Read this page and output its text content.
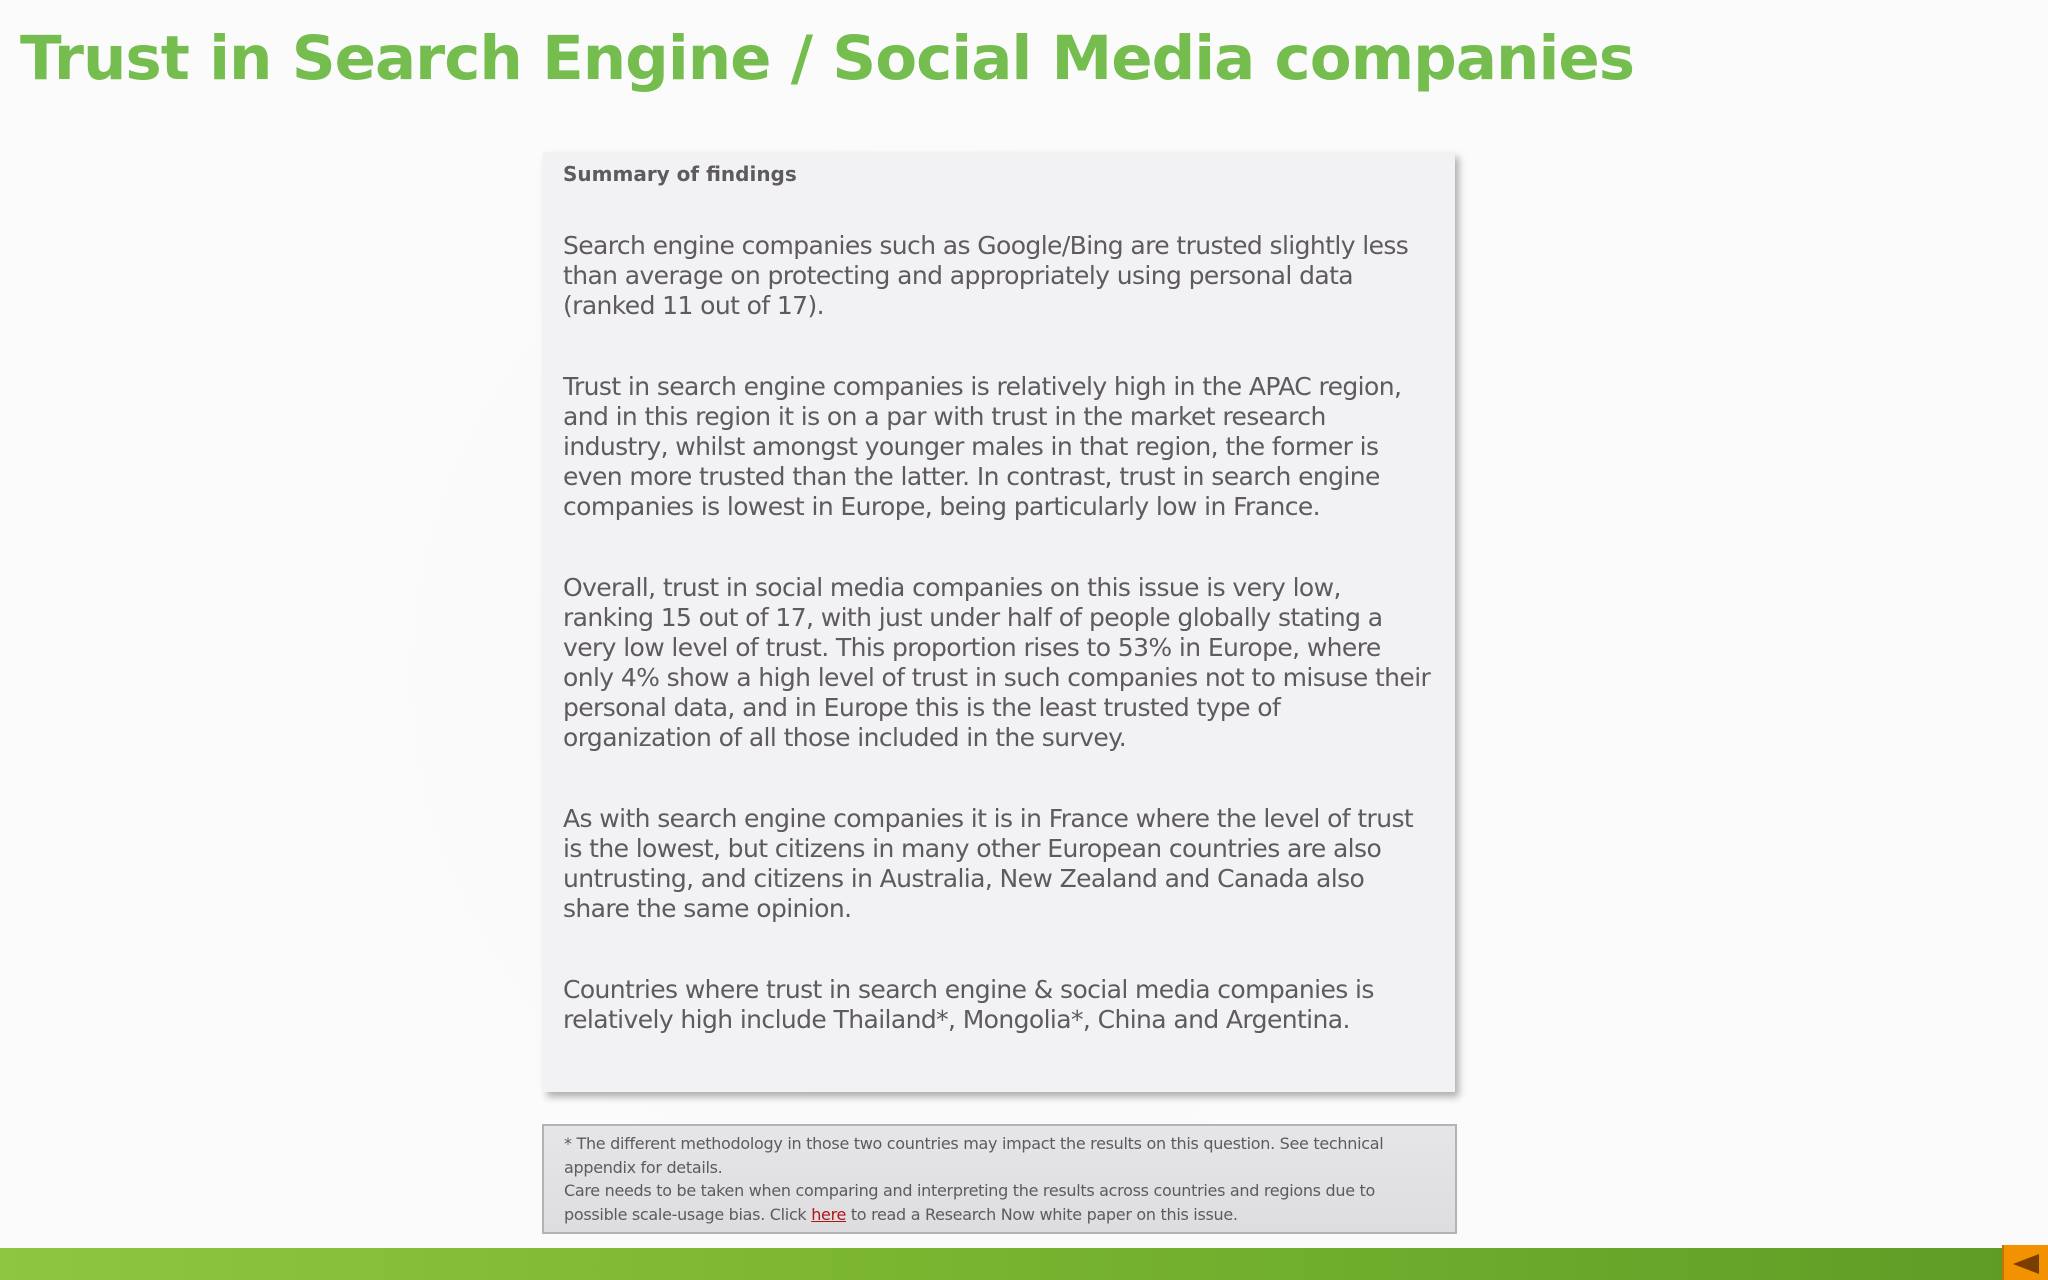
Trust in Search Engine / Social Media companies

Summary of findings

Search engine companies such as Google/Bing are trusted slightly less than average on protecting and appropriately using personal data (ranked 11 out of 17).

Trust in search engine companies is relatively high in the APAC region, and in this region it is on a par with trust in the market research industry, whilst amongst younger males in that region, the former is even more trusted than the latter. In contrast, trust in search engine companies is lowest in Europe, being particularly low in France.

Overall, trust in social media companies on this issue is very low, ranking 15 out of 17, with just under half of people globally stating a very low level of trust. This proportion rises to 53% in Europe, where only 4% show a high level of trust in such companies not to misuse their personal data, and in Europe this is the least trusted type of organization of all those included in the survey.

As with search engine companies it is in France where the level of trust is the lowest, but citizens in many other European countries are also untrusting, and citizens in Australia, New Zealand and Canada also share the same opinion.

Countries where trust in search engine & social media companies is relatively high include Thailand*, Mongolia*, China and Argentina.

* The different methodology in those two countries may impact the results on this question. See technical appendix for details.

Care needs to be taken when comparing and interpreting the results across countries and regions due to possible scale-usage bias. Click here to read a Research Now white paper on this issue.
